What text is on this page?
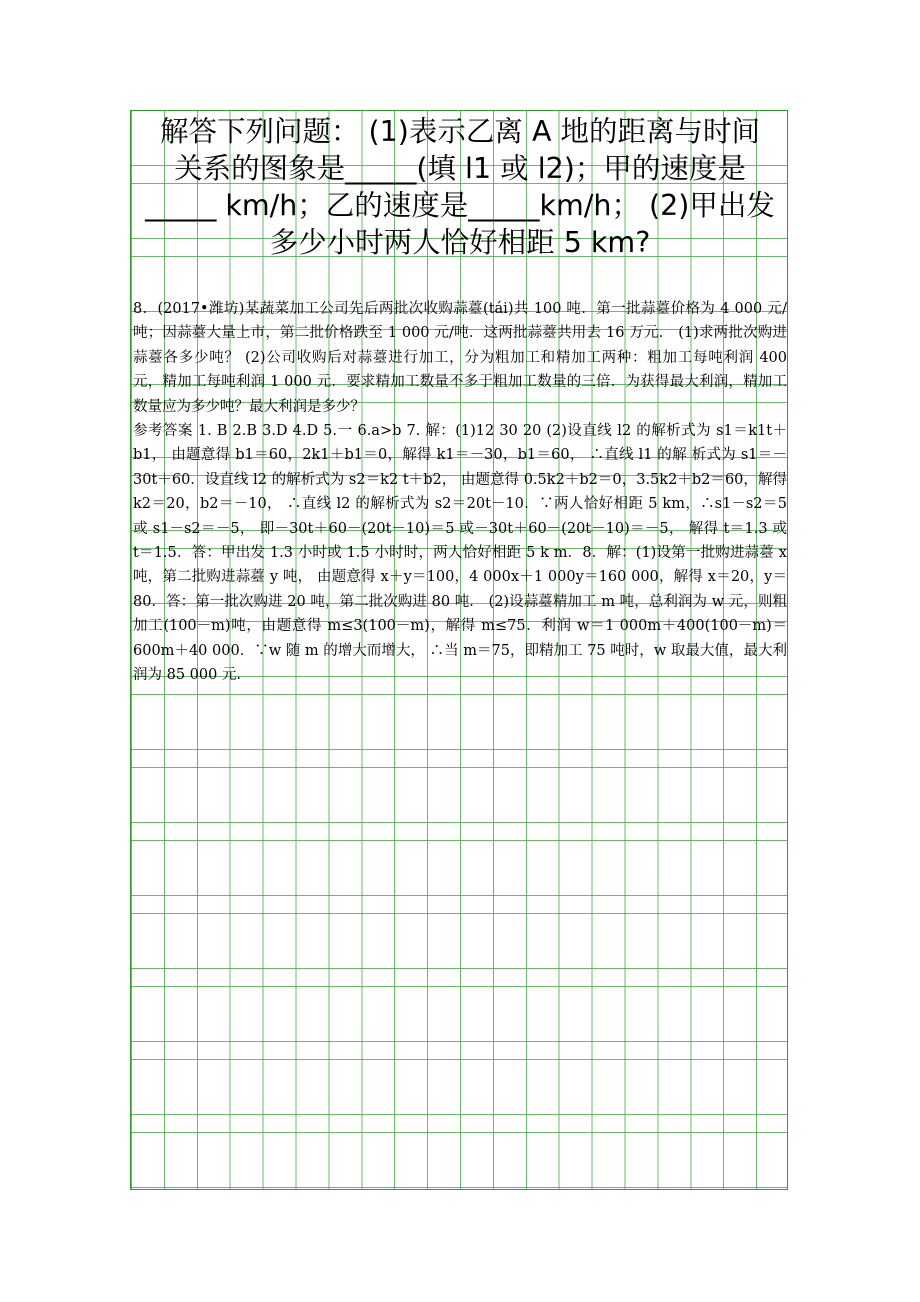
解答下列问题： (1)表示乙离 A 地的距离与时间

关系的图象是_____(填 l1 或 l2)；甲的速度是

_____ km/h；乙的速度是_____km/h； (2)甲出发

多少小时两人恰好相距 5 km?

8．(2017•潍坊)某蔬菜加工公司先后两批次收购蒜薹(tái)共 100 吨．第一批蒜薹价格为 4 000 元/吨；因蒜薹大量上市，第二批价格跌至 1 000 元/吨．这两批蒜薹共用去 16 万元． (1)求两批次购进蒜薹各多少吨？ (2)公司收购后对蒜薹进行加工，分为粗加工和精加工两种：粗加工每吨利润 400 元，精加工每吨利润 1 000 元．要求精加工数量不多于粗加工数量的三倍．为获得最大利润，精加工数量应为多少吨？最大利润是多少？

参考答案 1. B 2.B 3.D 4.D 5.一 6.a>b 7. 解：(1)12 30 20 (2)设直线 l2 的解析式为 s1＝k1t＋b1， 由题意得 b1＝60，2k1＋b1＝0，解得 k1＝－30，b1＝60， ∴直线 l1 的解 析式为 s1＝－30t＋60．设直线 l2 的解析式为 s2＝k2 t＋b2， 由题意得 0.5k2＋b2＝0，3.5k2＋b2＝60，解得 k2＝20，b2＝－10， ∴直线 l2 的解析式为 s2＝20t－10．∵两人恰好相距 5 km，∴s1－s2＝5 或 s1－s2＝－5， 即－30t＋60－(20t－10)＝5 或－30t＋60－(20t－10)＝－5， 解得 t＝1.3 或 t＝1.5．答：甲出发 1.3 小时或 1.5 小时时，两人恰好相距 5 k m．8．解：(1)设第一批购进蒜薹 x 吨，第二批购进蒜薹 y 吨， 由题意得 x＋y＝100，4 000x＋1 000y＝160 000，解得 x＝20，y＝80．答：第一批次购进 20 吨，第二批次购进 80 吨． (2)设蒜薹精加工 m 吨，总利润为 w 元，则粗加工(100－m)吨，由题意得 m≤3(100－m)，解得 m≤75．利润 w＝1 000m＋400(100－m)＝600m＋40 000．∵w 随 m 的增大而增大， ∴当 m＝75，即精加工 75 吨时，w 取最大值，最大利润为 85 000 元．
